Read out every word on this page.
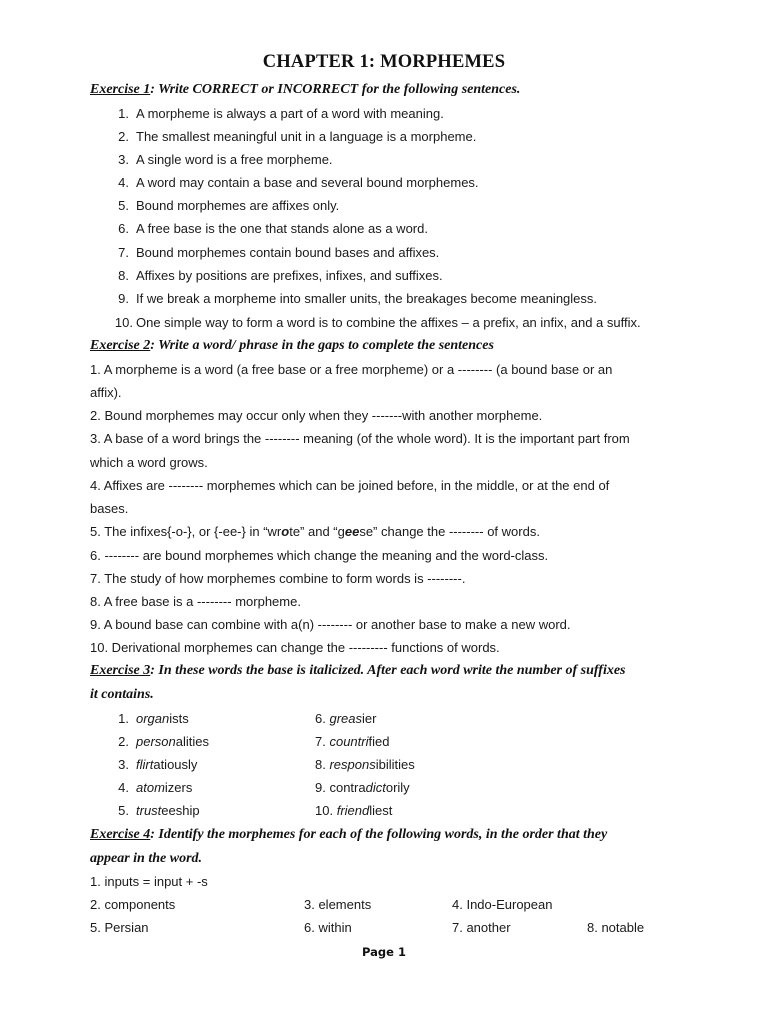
CHAPTER 1: MORPHEMES
Exercise 1: Write CORRECT or INCORRECT for the following sentences.
1. A morpheme is always a part of a word with meaning.
2. The smallest meaningful unit in a language is a morpheme.
3. A single word is a free morpheme.
4. A word may contain a base and several bound morphemes.
5. Bound morphemes are affixes only.
6. A free base is the one that stands alone as a word.
7. Bound morphemes contain bound bases and affixes.
8. Affixes by positions are prefixes, infixes, and suffixes.
9. If we break a morpheme into smaller units, the breakages become meaningless.
10. One simple way to form a word is to combine the affixes – a prefix, an infix, and a suffix.
Exercise 2: Write a word/ phrase in the gaps to complete the sentences
1. A morpheme is a word (a free base or a free morpheme) or a -------- (a bound base or an
affix).
2. Bound morphemes may occur only when they -------with another morpheme.
3. A base of a word brings the -------- meaning (of the whole word). It is the important part from
which a word grows.
4. Affixes are -------- morphemes which can be joined before, in the middle, or at the end of
bases.
5. The infixes{-o-}, or {-ee-} in “wrote” and “geese” change the -------- of words.
6. -------- are bound morphemes which change the meaning and the word-class.
7. The study of how morphemes combine to form words is --------.
8. A free base is a -------- morpheme.
9. A bound base can combine with a(n) -------- or another base to make a new word.
10. Derivational morphemes can change the --------- functions of words.
Exercise 3: In these words the base is italicized. After each word write the number of suffixes
it contains.
1. organists
2. personalities
3. flirtatiously
4. atomizers
5. trusteeship
6. greasier
7. countrified
8. responsibilities
9. contradictorily
10. friendliest
Exercise 4: Identify the morphemes for each of the following words, in the order that they
appear in the word.
1. inputs = input + -s
2. components	3. elements	4. Indo-European
5. Persian	6. within	7. another	8. notable
Page 1
